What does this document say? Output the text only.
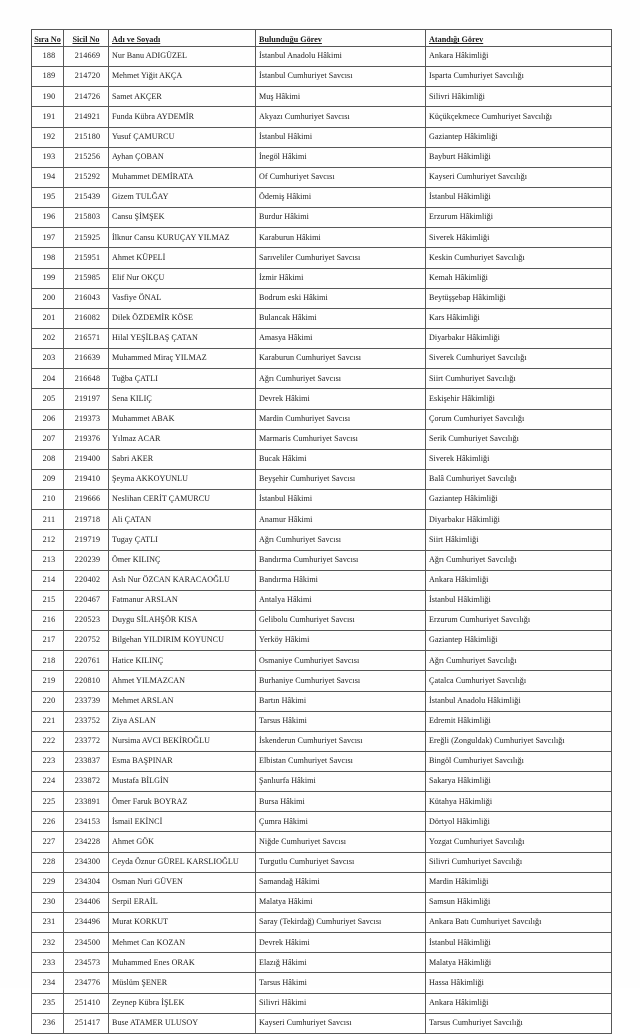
Sıra No	Sicil No	Adı ve Soyadı	Bulunduğu Görev	Atandığı Görev
188	214669	Nur Banu ADIGÜZEL	İstanbul Anadolu Hâkimi	Ankara Hâkimliği
189	214720	Mehmet Yiğit AKÇA	İstanbul Cumhuriyet Savcısı	Isparta Cumhuriyet Savcılığı
190	214726	Samet AKÇER	Muş Hâkimi	Silivri Hâkimliği
191	214921	Funda Kübra AYDEMİR	Akyazı Cumhuriyet Savcısı	Küçükçekmece Cumhuriyet Savcılığı
192	215180	Yusuf ÇAMURCU	İstanbul Hâkimi	Gaziantep Hâkimliği
193	215256	Ayhan ÇOBAN	İnegöl Hâkimi	Bayburt Hâkimliği
194	215292	Muhammet DEMİRATA	Of Cumhuriyet Savcısı	Kayseri Cumhuriyet Savcılığı
195	215439	Gizem TULĞAY	Ödemiş Hâkimi	İstanbul Hâkimliği
196	215803	Cansu ŞİMŞEK	Burdur Hâkimi	Erzurum Hâkimliği
197	215925	İlknur Cansu KURUÇAY YILMAZ	Karaburun Hâkimi	Siverek Hâkimliği
198	215951	Ahmet KÜPELİ	Sarıveliler Cumhuriyet Savcısı	Keskin Cumhuriyet Savcılığı
199	215985	Elif Nur OKÇU	İzmir Hâkimi	Kemah Hâkimliği
200	216043	Vasfiye ÖNAL	Bodrum eski Hâkimi	Beytüşşebap Hâkimliği
201	216082	Dilek ÖZDEMİR KÖSE	Bulancak Hâkimi	Kars Hâkimliği
202	216571	Hilal YEŞİLBAŞ ÇATAN	Amasya Hâkimi	Diyarbakır Hâkimliği
203	216639	Muhammed Miraç YILMAZ	Karaburun Cumhuriyet Savcısı	Siverek Cumhuriyet Savcılığı
204	216648	Tuğba ÇATLI	Ağrı Cumhuriyet Savcısı	Siirt Cumhuriyet Savcılığı
205	219197	Sena KILIÇ	Devrek Hâkimi	Eskişehir Hâkimliği
206	219373	Muhammet ABAK	Mardin Cumhuriyet Savcısı	Çorum Cumhuriyet Savcılığı
207	219376	Yılmaz ACAR	Marmaris Cumhuriyet Savcısı	Serik Cumhuriyet Savcılığı
208	219400	Sabri AKER	Bucak Hâkimi	Siverek Hâkimliği
209	219410	Şeyma AKKOYUNLU	Beyşehir Cumhuriyet Savcısı	Balâ Cumhuriyet Savcılığı
210	219666	Neslihan CERİT ÇAMURCU	İstanbul Hâkimi	Gaziantep Hâkimliği
211	219718	Ali ÇATAN	Anamur Hâkimi	Diyarbakır Hâkimliği
212	219719	Tugay ÇATLI	Ağrı Cumhuriyet Savcısı	Siirt Hâkimliği
213	220239	Ömer KILINÇ	Bandırma Cumhuriyet Savcısı	Ağrı Cumhuriyet Savcılığı
214	220402	Aslı Nur ÖZCAN KARACAOĞLU	Bandırma Hâkimi	Ankara Hâkimliği
215	220467	Fatmanur ARSLAN	Antalya Hâkimi	İstanbul Hâkimliği
216	220523	Duygu SİLAHŞÖR KISA	Gelibolu Cumhuriyet Savcısı	Erzurum Cumhuriyet Savcılığı
217	220752	Bilgehan YILDIRIM KOYUNCU	Yerköy Hâkimi	Gaziantep Hâkimliği
218	220761	Hatice KILINÇ	Osmaniye Cumhuriyet Savcısı	Ağrı Cumhuriyet Savcılığı
219	220810	Ahmet YILMAZCAN	Burhaniye Cumhuriyet Savcısı	Çatalca Cumhuriyet Savcılığı
220	233739	Mehmet ARSLAN	Bartın Hâkimi	İstanbul Anadolu Hâkimliği
221	233752	Ziya ASLAN	Tarsus Hâkimi	Edremit Hâkimliği
222	233772	Nursima AVCI BEKİROĞLU	İskenderun Cumhuriyet Savcısı	Ereğli (Zonguldak) Cumhuriyet Savcılığı
223	233837	Esma BAŞPINAR	Elbistan Cumhuriyet Savcısı	Bingöl Cumhuriyet Savcılığı
224	233872	Mustafa BİLGİN	Şanlıurfa Hâkimi	Sakarya Hâkimliği
225	233891	Ömer Faruk BOYRAZ	Bursa Hâkimi	Kütahya Hâkimliği
226	234153	İsmail EKİNCİ	Çumra Hâkimi	Dörtyol Hâkimliği
227	234228	Ahmet GÖK	Niğde Cumhuriyet Savcısı	Yozgat Cumhuriyet Savcılığı
228	234300	Ceyda Öznur GÜREL KARSLIOĞLU	Turgutlu Cumhuriyet Savcısı	Silivri Cumhuriyet Savcılığı
229	234304	Osman Nuri GÜVEN	Samandağ Hâkimi	Mardin Hâkimliği
230	234406	Serpil ERAİL	Malatya Hâkimi	Samsun Hâkimliği
231	234496	Murat KORKUT	Saray (Tekirdağ) Cumhuriyet Savcısı	Ankara Batı Cumhuriyet Savcılığı
232	234500	Mehmet Can KOZAN	Devrek Hâkimi	İstanbul Hâkimliği
233	234573	Muhammed Enes ORAK	Elazığ Hâkimi	Malatya Hâkimliği
234	234776	Müslüm ŞENER	Tarsus Hâkimi	Hassa Hâkimliği
235	251410	Zeynep Kübra İŞLEK	Silivri Hâkimi	Ankara Hâkimliği
236	251417	Buse ATAMER ULUSOY	Kayseri Cumhuriyet Savcısı	Tarsus Cumhuriyet Savcılığı
